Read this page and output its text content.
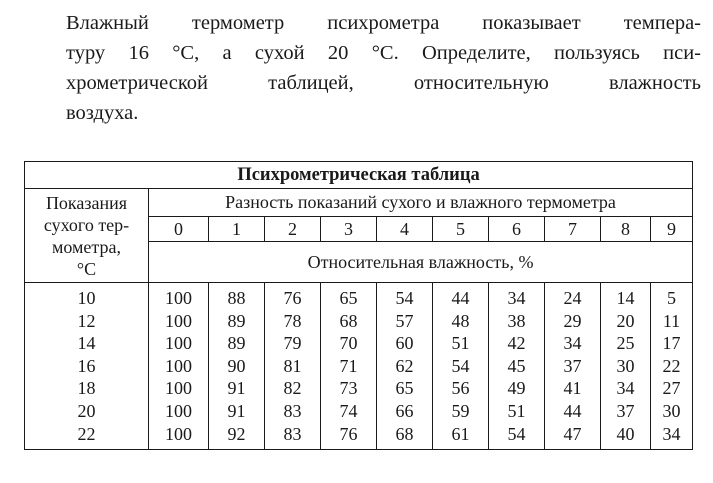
Влажный термометр психрометра показывает темпера-
туру 16 °С, а сухой 20 °С. Определите, пользуясь пси-
хрометрической таблицей, относительную влажность
воздуха.
Психрометрическая таблица										

Показания
сухого тер-
мометра,
°С	Разность показаний сухого и влажного термометра									
	0	1	2	3	4	5	6	7	8	9
	Относительная влажность, %									
10	100	88	76	65	54	44	34	24	14	5
12	100	89	78	68	57	48	38	29	20	11
14	100	89	79	70	60	51	42	34	25	17
16	100	90	81	71	62	54	45	37	30	22
18	100	91	82	73	65	56	49	41	34	27
20	100	91	83	74	66	59	51	44	37	30
22	100	92	83	76	68	61	54	47	40	34
